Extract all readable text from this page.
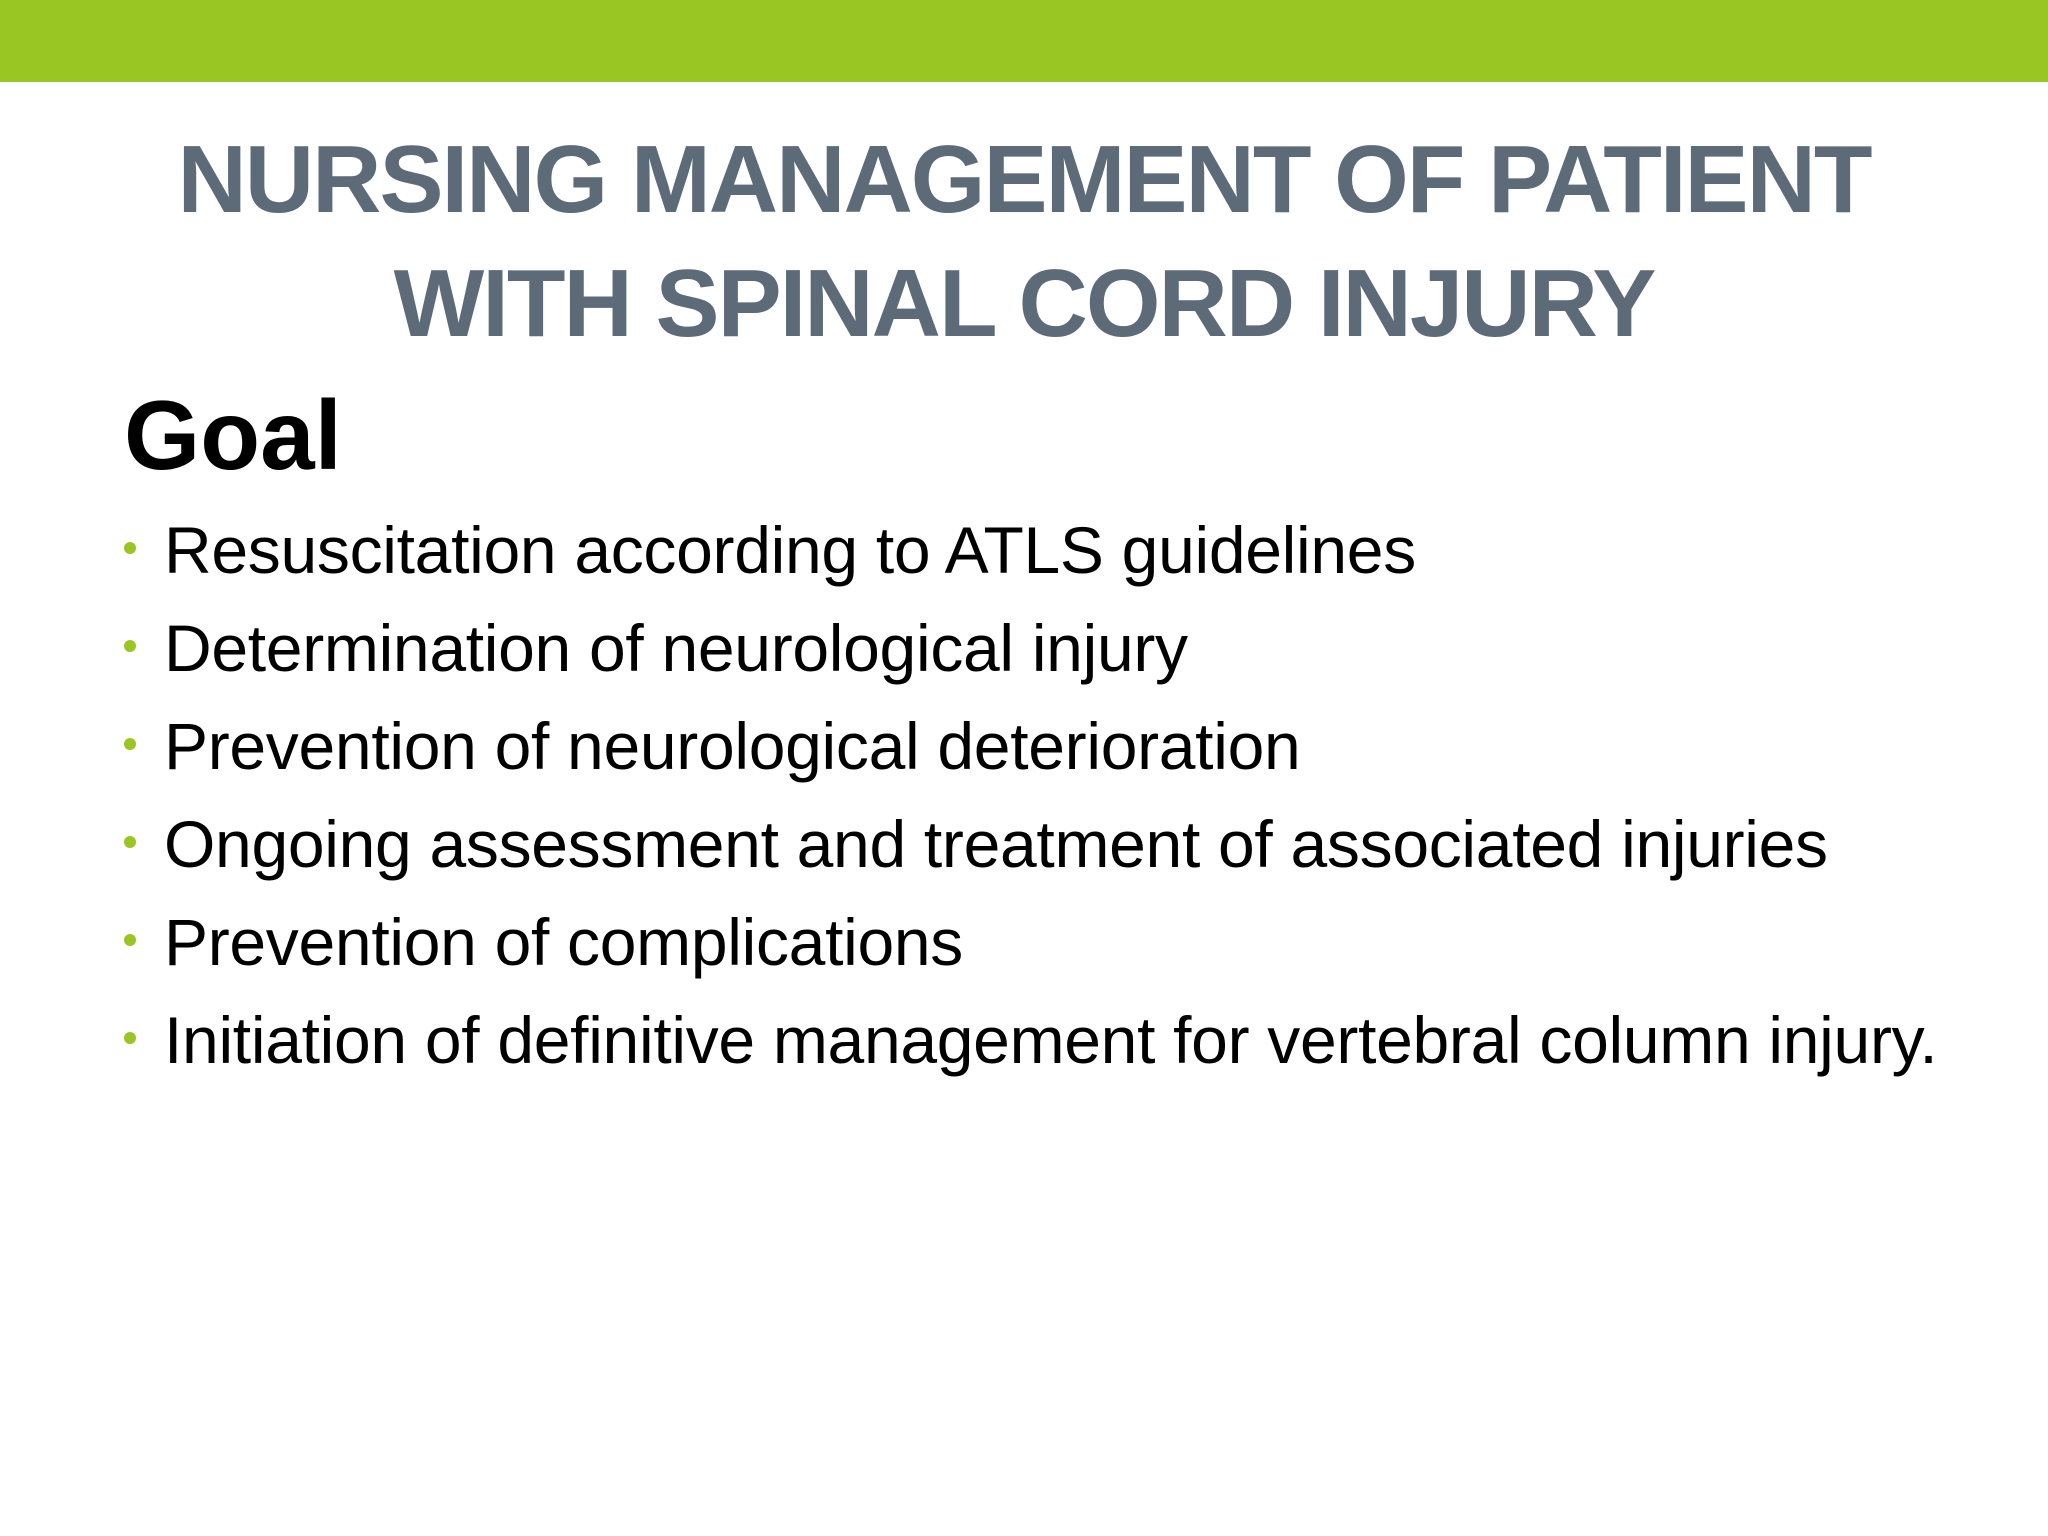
NURSING MANAGEMENT OF PATIENT
WITH SPINAL CORD INJURY
Goal
Resuscitation according to ATLS guidelines
Determination of neurological injury
Prevention of neurological deterioration
Ongoing assessment and treatment of associated injuries
Prevention of complications
Initiation of definitive management for vertebral column injury.
